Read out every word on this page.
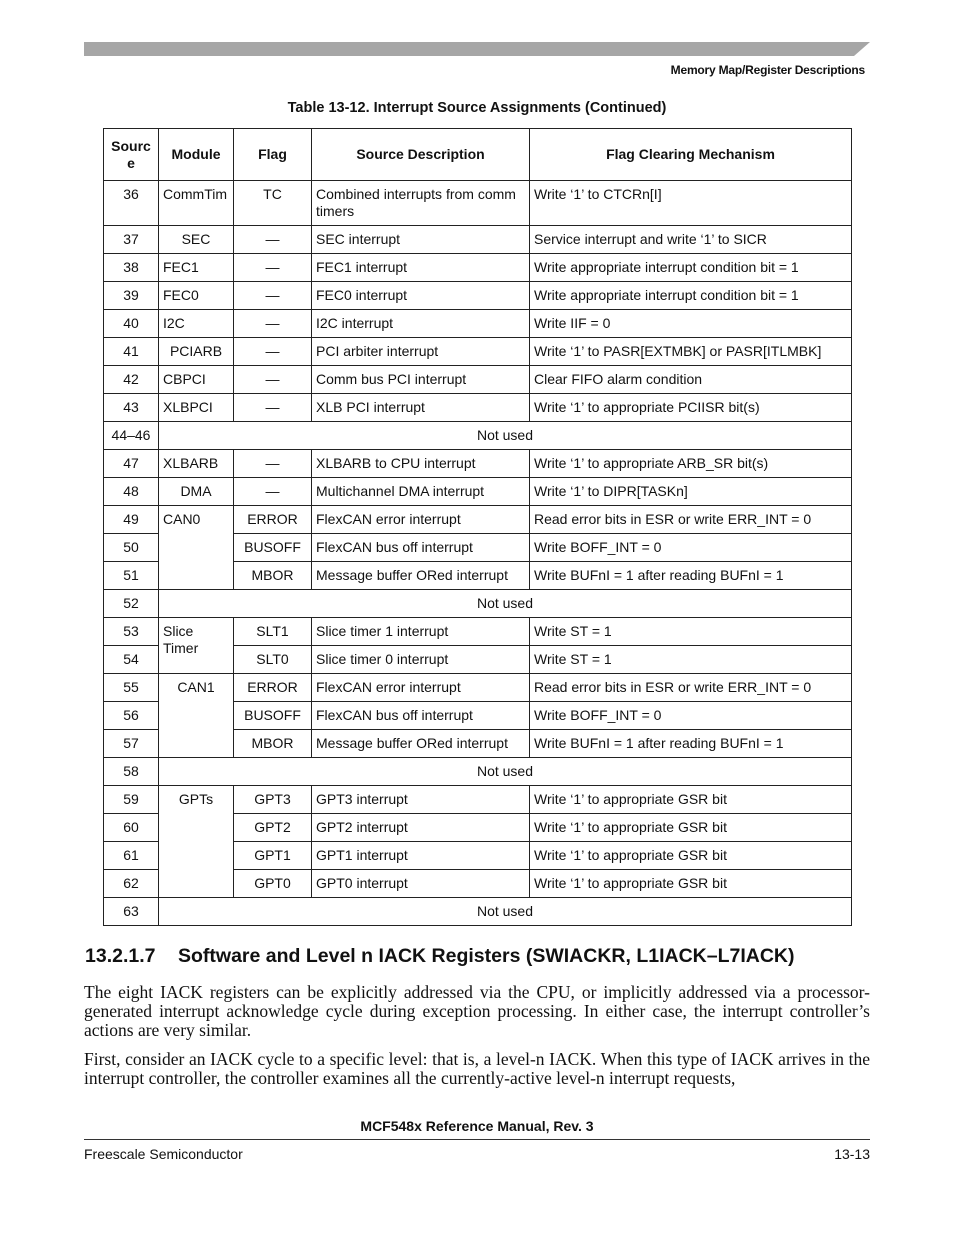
Memory Map/Register Descriptions
Table 13-12. Interrupt Source Assignments (Continued)
Source	Module	Flag	Source Description	Flag Clearing Mechanism
36	CommTim	TC	Combined interrupts from comm timers	Write ‘1’ to CTCRn[I]
37	SEC	—	SEC interrupt	Service interrupt and write ‘1’ to SICR
38	FEC1	—	FEC1 interrupt	Write appropriate interrupt condition bit = 1
39	FEC0	—	FEC0 interrupt	Write appropriate interrupt condition bit = 1
40	I2C	—	I2C interrupt	Write IIF = 0
41	PCIARB	—	PCI arbiter interrupt	Write ‘1’ to PASR[EXTMBK] or PASR[ITLMBK]
42	CBPCI	—	Comm bus PCI interrupt	Clear FIFO alarm condition
43	XLBPCI	—	XLB PCI interrupt	Write ‘1’ to appropriate PCIISR bit(s)
44–46	Not used			
47	XLBARB	—	XLBARB to CPU interrupt	Write ‘1’ to appropriate ARB_SR bit(s)
48	DMA	—	Multichannel DMA interrupt	Write ‘1’ to DIPR[TASKn]
49	CAN0	ERROR	FlexCAN error interrupt	Read error bits in ESR or write ERR_INT = 0
50		BUSOFF	FlexCAN bus off interrupt	Write BOFF_INT = 0
51		MBOR	Message buffer ORed interrupt	Write BUFnI = 1 after reading BUFnI = 1
52	Not used			
53	Slice Timer	SLT1	Slice timer 1 interrupt	Write ST = 1
54		SLT0	Slice timer 0 interrupt	Write ST = 1
55	CAN1	ERROR	FlexCAN error interrupt	Read error bits in ESR or write ERR_INT = 0
56		BUSOFF	FlexCAN bus off interrupt	Write BOFF_INT = 0
57		MBOR	Message buffer ORed interrupt	Write BUFnI = 1 after reading BUFnI = 1
58	Not used			
59	GPTs	GPT3	GPT3 interrupt	Write ‘1’ to appropriate GSR bit
60		GPT2	GPT2 interrupt	Write ‘1’ to appropriate GSR bit
61		GPT1	GPT1 interrupt	Write ‘1’ to appropriate GSR bit
62		GPT0	GPT0 interrupt	Write ‘1’ to appropriate GSR bit
63	Not used			
13.2.1.7 Software and Level n IACK Registers (SWIACKR, L1IACK–L7IACK)
The eight IACK registers can be explicitly addressed via the CPU, or implicitly addressed via a processor-generated interrupt acknowledge cycle during exception processing. In either case, the interrupt controller’s actions are very similar.
First, consider an IACK cycle to a specific level: that is, a level-n IACK. When this type of IACK arrives in the interrupt controller, the controller examines all the currently-active level-n interrupt requests,
MCF548x Reference Manual, Rev. 3
Freescale Semiconductor	13-13
